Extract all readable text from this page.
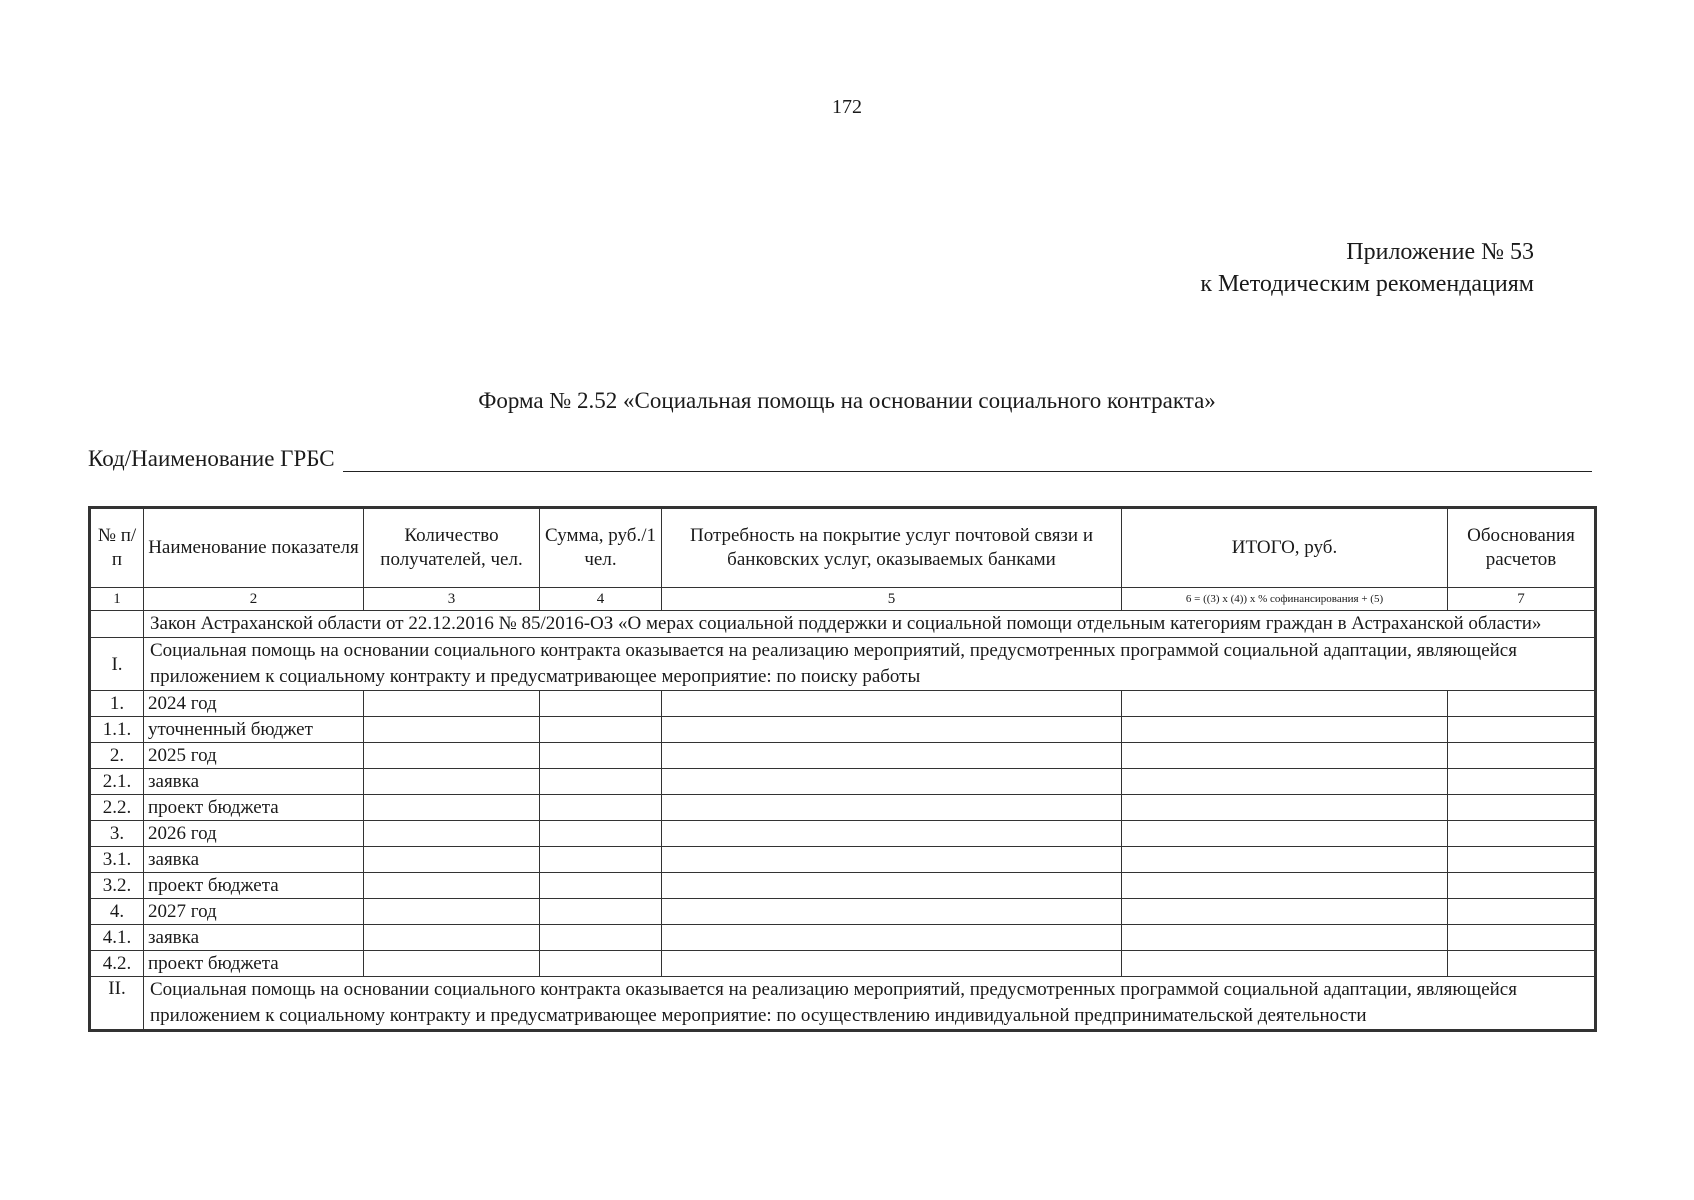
172
Приложение № 53
к Методическим рекомендациям
Форма № 2.52 «Социальная помощь на основании социального контракта»
Код/Наименование ГРБС
№ п/п	Наименование показателя	Количество получателей, чел.	Сумма, руб./1 чел.	Потребность на покрытие услуг почтовой связи и банковских услуг, оказываемых банками	ИТОГО, руб.	Обоснования расчетов
1	2	3	4	5	6 = ((3) x (4)) x % софинансирования + (5)	7
	Закон Астраханской области от 22.12.2016 № 85/2016-ОЗ «О мерах социальной поддержки и социальной помощи отдельным категориям граждан в Астраханской области»					
I.	Социальная помощь на основании социального контракта оказывается на реализацию мероприятий, предусмотренных программой социальной адаптации, являющейся приложением к социальному контракту и предусматривающее мероприятие: по поиску работы					
1.	2024 год					
1.1.	уточненный бюджет					
2.	2025 год					
2.1.	заявка					
2.2.	проект бюджета					
3.	2026 год					
3.1.	заявка					
3.2.	проект бюджета					
4.	2027 год					
4.1.	заявка					
4.2.	проект бюджета					
II.	Социальная помощь на основании социального контракта оказывается на реализацию мероприятий, предусмотренных программой социальной адаптации, являющейся приложением к социальному контракту и предусматривающее мероприятие: по осуществлению индивидуальной предпринимательской деятельности					
